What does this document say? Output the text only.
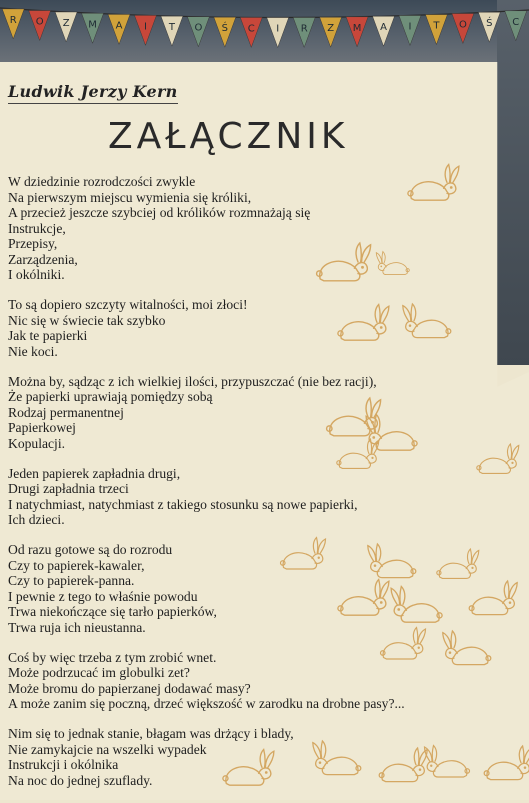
R O Z M A I T O Ś C I R Z M A I T O Ś C
Ludwik Jerzy Kern
ZAŁĄCZNIK

W dziedzinie rozrodczości zwykle
Na pierwszym miejscu wymienia się króliki,
A przecież jeszcze szybciej od królików rozmnażają się
Instrukcje,
Przepisy,
Zarządzenia,
I okólniki.

To są dopiero szczyty witalności, moi złoci!
Nic się w świecie tak szybko
Jak te papierki
Nie koci.

Można by, sądząc z ich wielkiej ilości, przypuszczać (nie bez racji),
Że papierki uprawiają pomiędzy sobą
Rodzaj permanentnej
Papierkowej
Kopulacji.

Jeden papierek zapładnia drugi,
Drugi zapładnia trzeci
I natychmiast, natychmiast z takiego stosunku są nowe papierki,
Ich dzieci.

Od razu gotowe są do rozrodu
Czy to papierek-kawaler,
Czy to papierek-panna.
I pewnie z tego to właśnie powodu
Trwa niekończące się tarło papierków,
Trwa ruja ich nieustanna.

Coś by więc trzeba z tym zrobić wnet.
Może podrzucać im globulki zet?
Może bromu do papierzanej dodawać masy?
A może zanim się poczną, drzeć większość w zarodku na drobne pasy?...

Nim się to jednak stanie, błagam was drżący i blady,
Nie zamykajcie na wszelki wypadek
Instrukcji i okólnika
Na noc do jednej szuflady.
